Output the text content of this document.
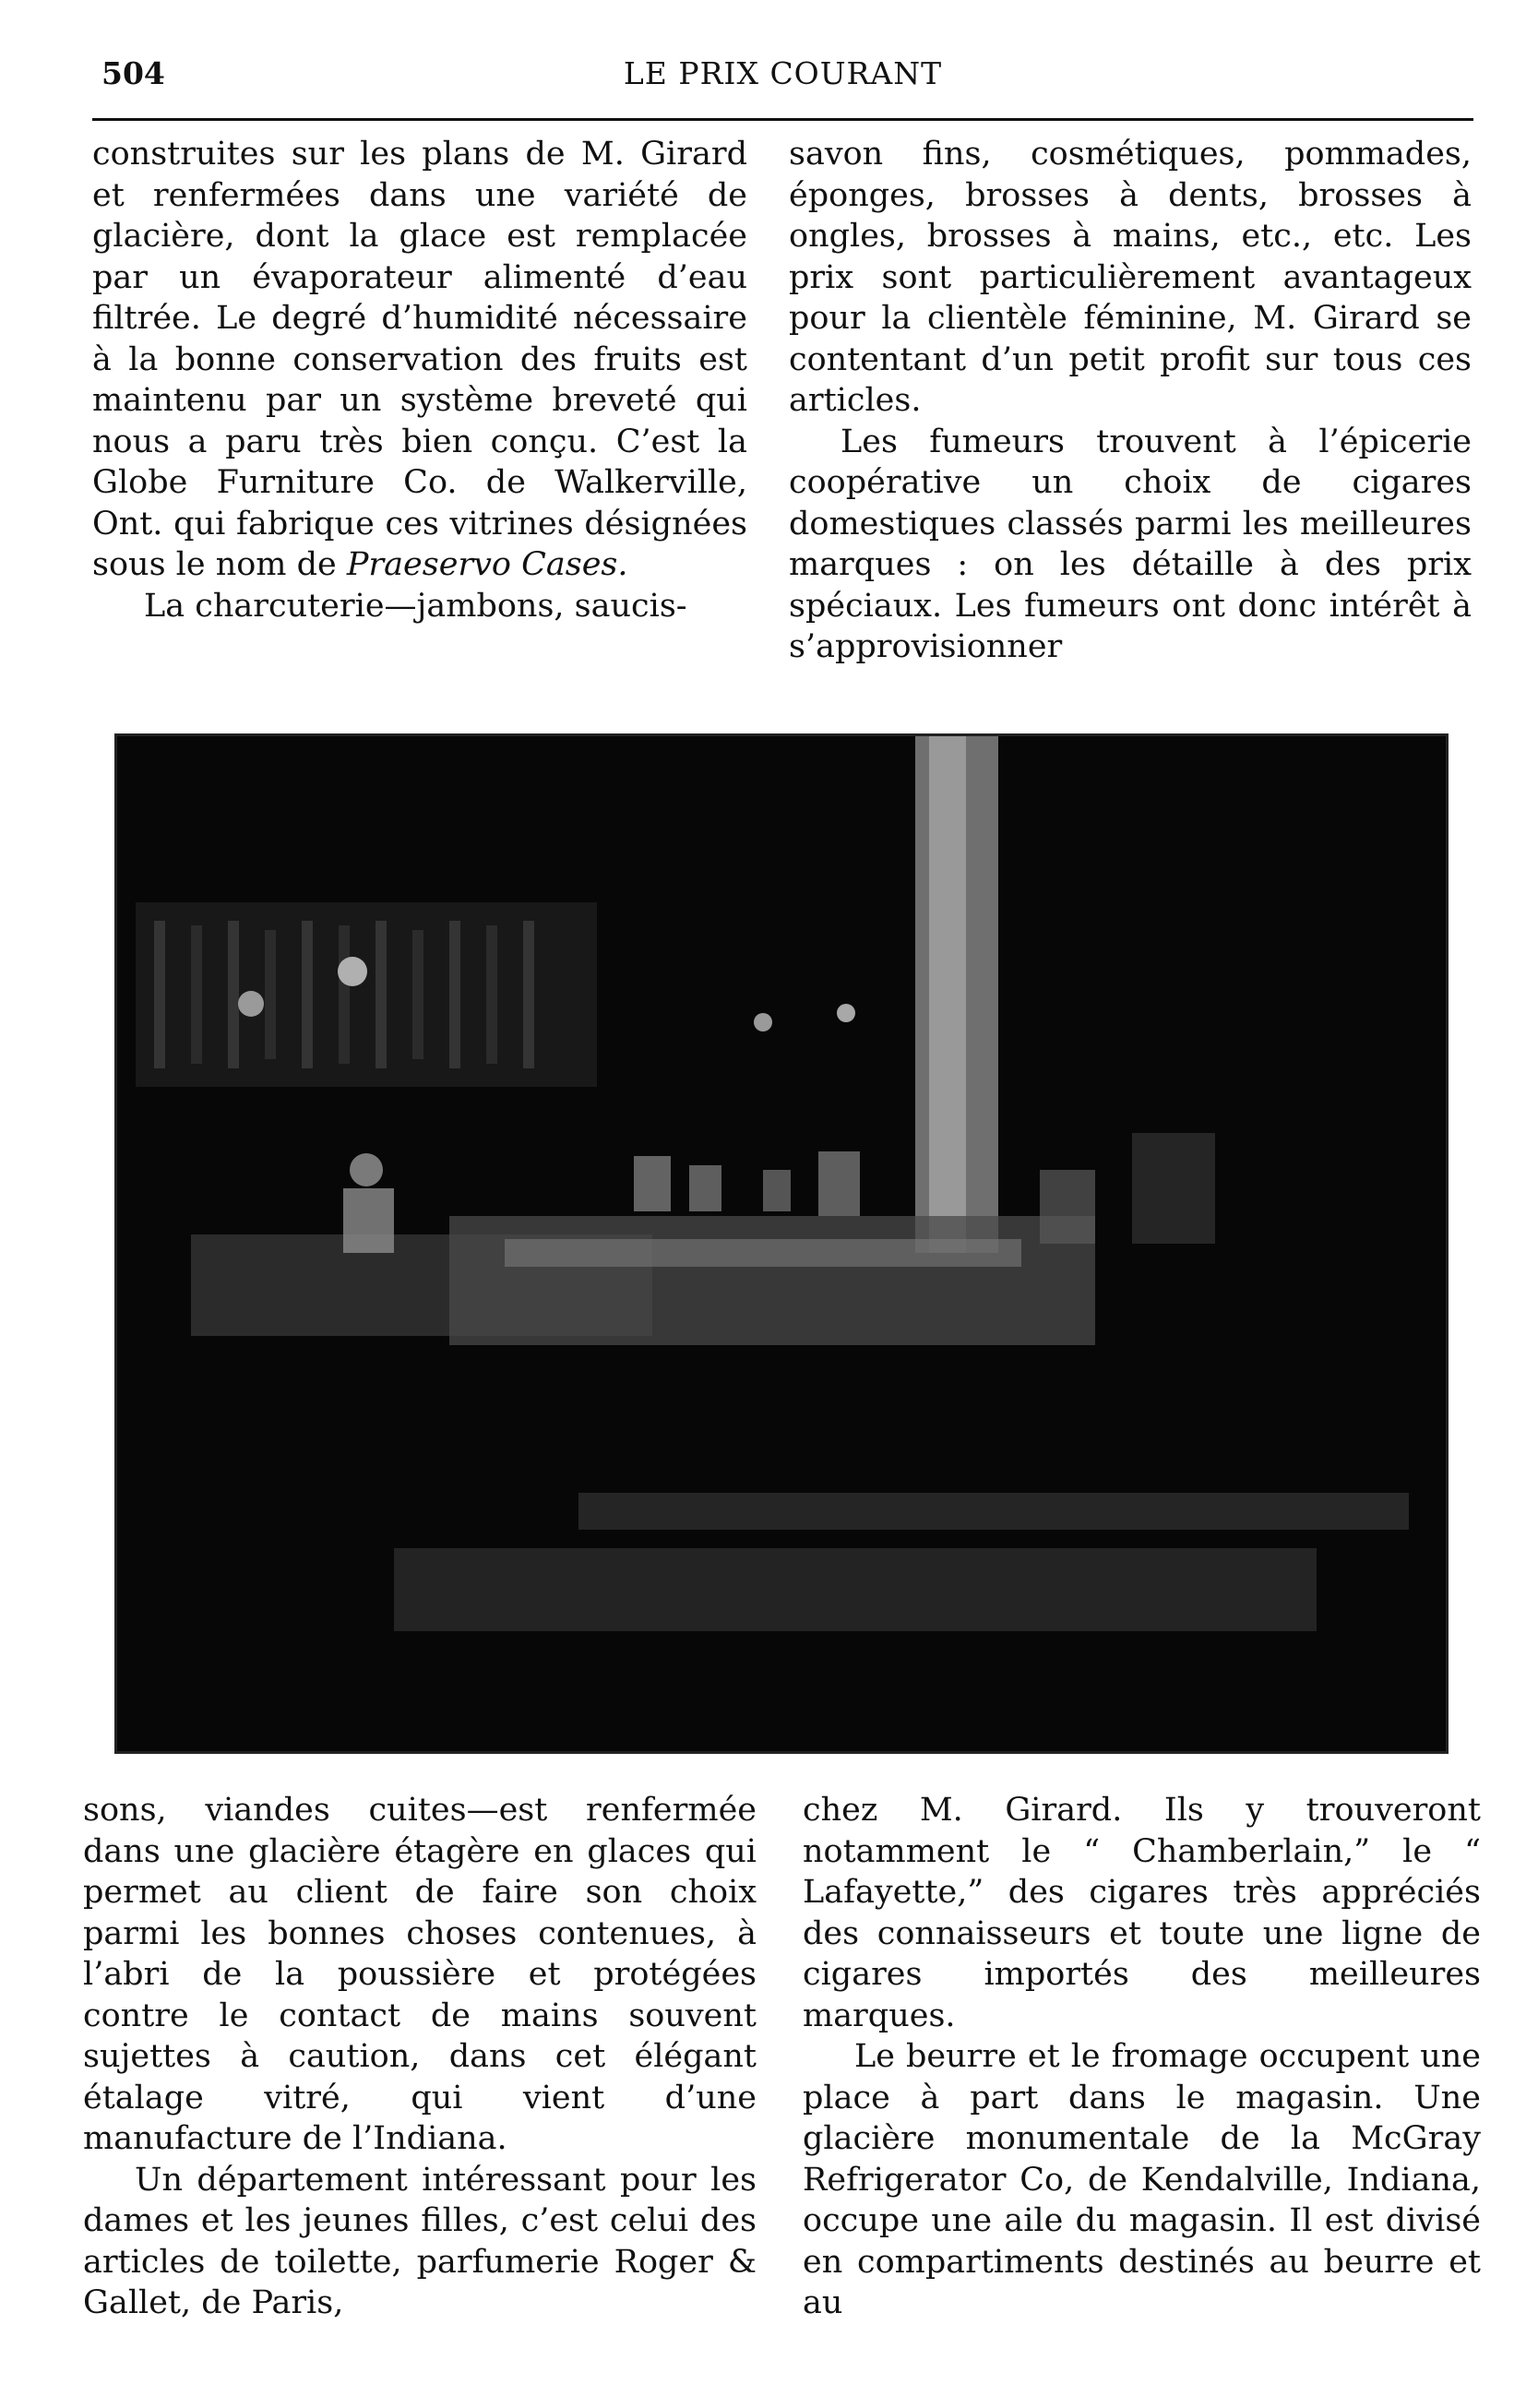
504	LE PRIX COURANT

construites sur les plans de M. Girard et renfermées dans une variété de glacière, dont la glace est remplacée par un évaporateur alimenté d’eau filtrée. Le degré d’humidité nécessaire à la bonne conservation des fruits est maintenu par un système breveté qui nous a paru très bien conçu. C’est la Globe Furniture Co. de Walkerville, Ont. qui fabrique ces vitrines désignées sous le nom de Praeservo Cases.

La charcuterie—jambons, saucis-

savon fins, cosmétiques, pommades, éponges, brosses à dents, brosses à ongles, brosses à mains, etc., etc. Les prix sont particulièrement avantageux pour la clientèle féminine, M. Girard se contentant d’un petit profit sur tous ces articles.

Les fumeurs trouvent à l’épicerie coopérative un choix de cigares domestiques classés parmi les meilleures marques : on les détaille à des prix spéciaux. Les fumeurs ont donc intérêt à s’approvisionner

sons, viandes cuites—est renfermée dans une glacière étagère en glaces qui permet au client de faire son choix parmi les bonnes choses contenues, à l’abri de la poussière et protégées contre le contact de mains souvent sujettes à caution, dans cet élégant étalage vitré, qui vient d’une manufacture de l’Indiana.

Un département intéressant pour les dames et les jeunes filles, c’est celui des articles de toilette, parfumerie Roger & Gallet, de Paris,

chez M. Girard. Ils y trouveront notamment le “ Chamberlain,” le “ Lafayette,” des cigares très appréciés des connaisseurs et toute une ligne de cigares importés des meilleures marques.

Le beurre et le fromage occupent une place à part dans le magasin. Une glacière monumentale de la McGray Refrigerator Co, de Kendalville, Indiana, occupe une aile du magasin. Il est divisé en compartiments destinés au beurre et au
